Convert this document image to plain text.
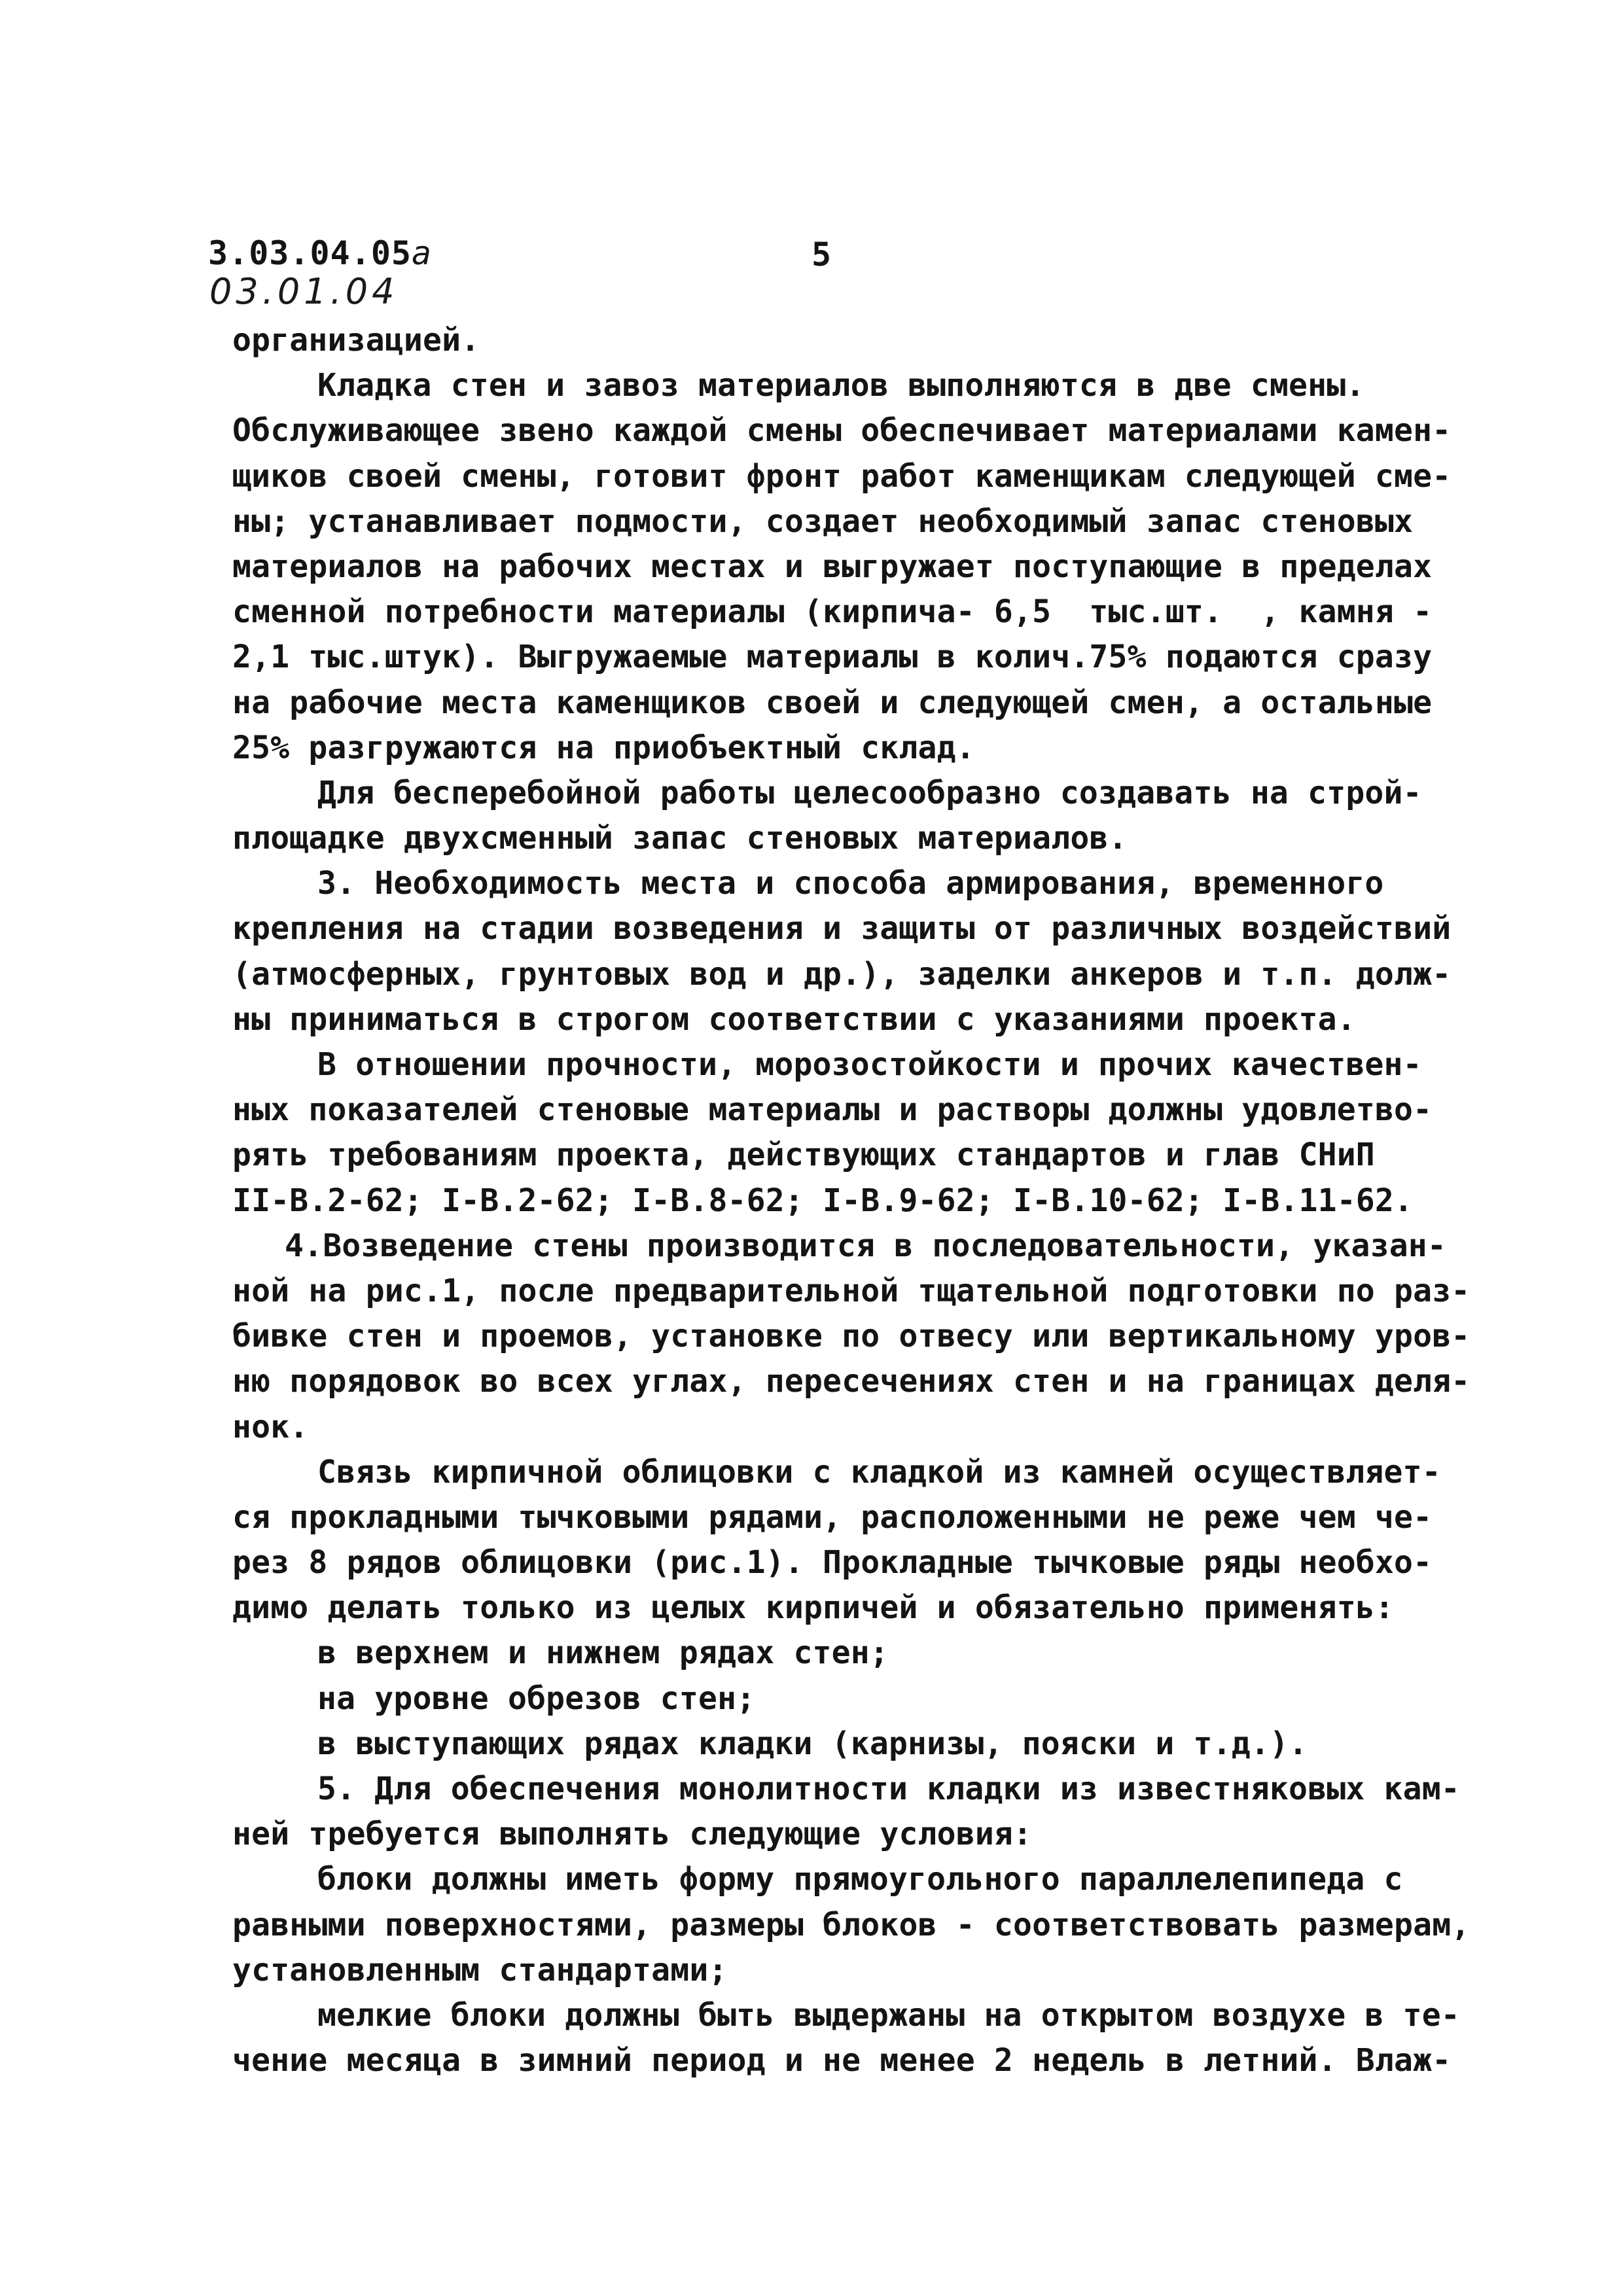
3.03.04.05а
03.01.04
5
организацией.
Кладка стен и завоз материалов выполняются в две смены.
Обслуживающее звено каждой смены обеспечивает материалами камен-
щиков своей смены, готовит фронт работ каменщикам следующей сме-
ны; устанавливает подмости, создает необходимый запас стеновых
материалов на рабочих местах и выгружает поступающие в пределах
сменной потребности материалы (кирпича- 6,5  тыс.шт.  , камня -
2,1 тыс.штук). Выгружаемые материалы в колич.75% подаются сразу
на рабочие места каменщиков своей и следующей смен, а остальные
25% разгружаются на приобъектный склад.
Для бесперебойной работы целесообразно создавать на строй-
площадке двухсменный запас стеновых материалов.
3. Необходимость места и способа армирования, временного
крепления на стадии возведения и защиты от различных воздействий
(атмосферных, грунтовых вод и др.), заделки анкеров и т.п. долж-
ны приниматься в строгом соответствии с указаниями проекта.
В отношении прочности, морозостойкости и прочих качествен-
ных показателей стеновые материалы и растворы должны удовлетво-
рять требованиям проекта, действующих стандартов и глав СНиП
II-В.2-62; I-В.2-62; I-В.8-62; I-В.9-62; I-В.10-62; I-В.11-62.
4.Возведение стены производится в последовательности, указан-
ной на рис.1, после предварительной тщательной подготовки по раз-
бивке стен и проемов, установке по отвесу или вертикальному уров-
ню порядовок во всех углах, пересечениях стен и на границах деля-
нок.
Связь кирпичной облицовки с кладкой из камней осуществляет-
ся прокладными тычковыми рядами, расположенными не реже чем че-
рез 8 рядов облицовки (рис.1). Прокладные тычковые ряды необхо-
димо делать только из целых кирпичей и обязательно применять:
в верхнем и нижнем рядах стен;
на уровне обрезов стен;
в выступающих рядах кладки (карнизы, пояски и т.д.).
5. Для обеспечения монолитности кладки из известняковых кам-
ней требуется выполнять следующие условия:
блоки должны иметь форму прямоугольного параллелепипеда с
равными поверхностями, размеры блоков - соответствовать размерам,
установленным стандартами;
мелкие блоки должны быть выдержаны на открытом воздухе в те-
чение месяца в зимний период и не менее 2 недель в летний. Влаж-
